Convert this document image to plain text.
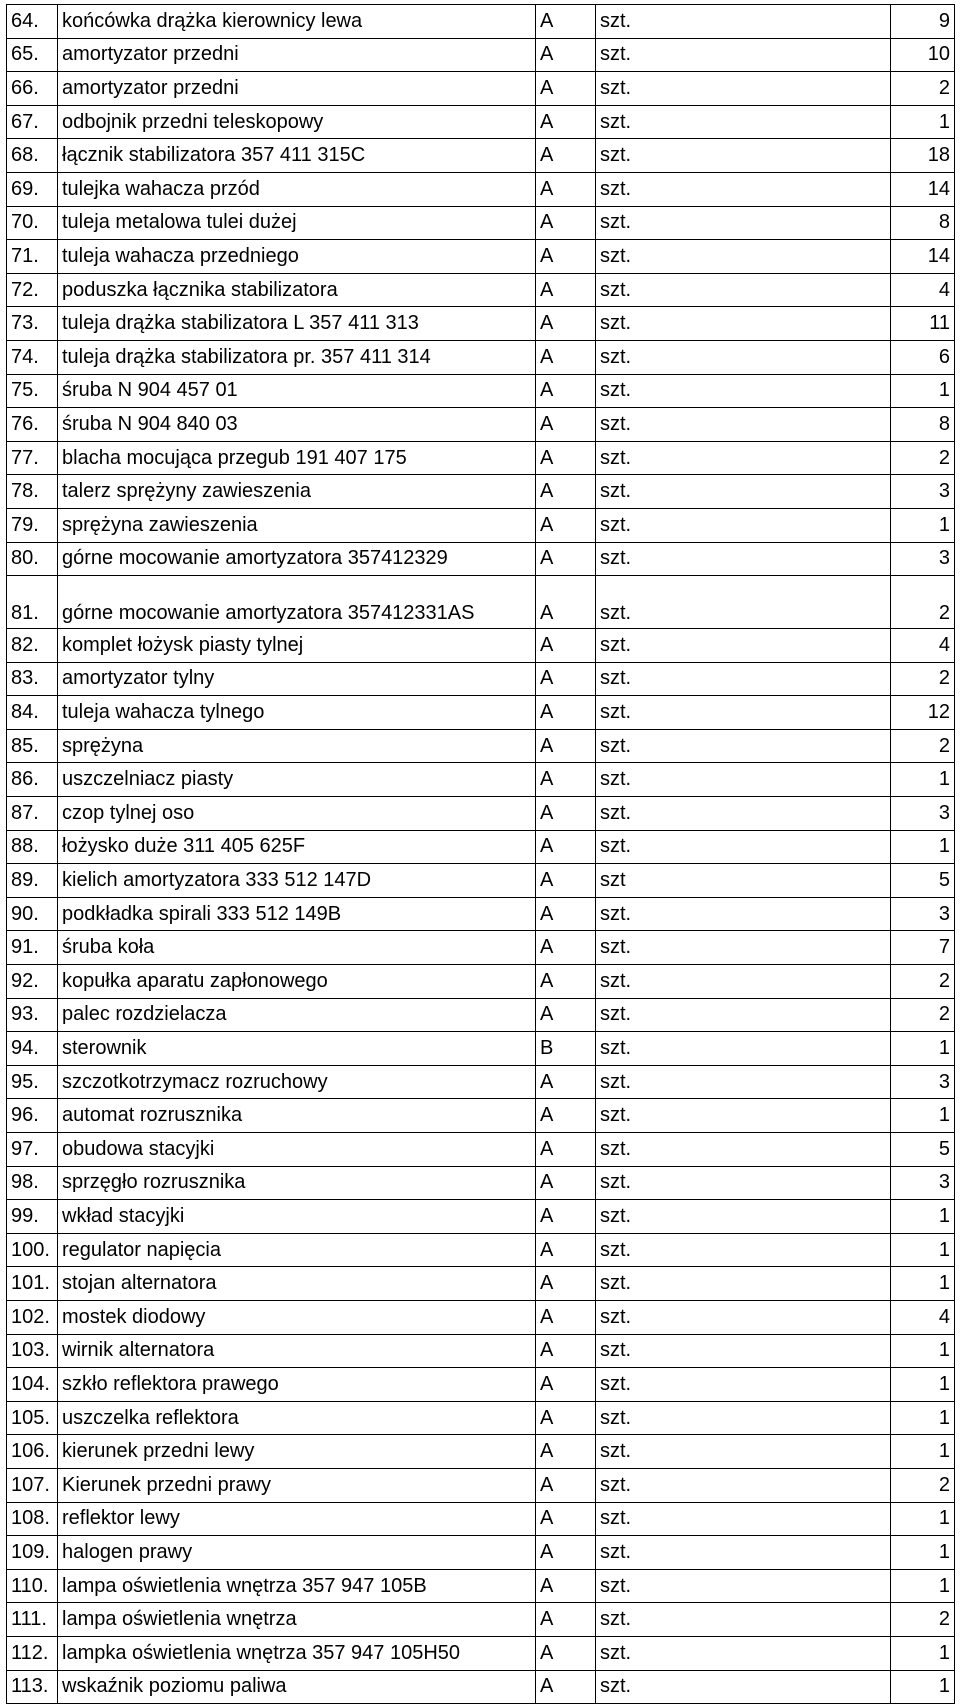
64.	końcówka drążka kierownicy lewa	A	szt.	9
65.	amortyzator przedni	A	szt.	10
66.	amortyzator przedni	A	szt.	2
67.	odbojnik przedni teleskopowy	A	szt.	1
68.	łącznik stabilizatora 357 411 315C	A	szt.	18
69.	tulejka wahacza przód	A	szt.	14
70.	tuleja metalowa tulei dużej	A	szt.	8
71.	tuleja wahacza przedniego	A	szt.	14
72.	poduszka łącznika stabilizatora	A	szt.	4
73.	tuleja drążka stabilizatora L 357 411 313	A	szt.	11
74.	tuleja drążka stabilizatora pr. 357 411 314	A	szt.	6
75.	śruba N 904 457 01	A	szt.	1
76.	śruba N 904 840 03	A	szt.	8
77.	blacha mocująca przegub 191 407 175	A	szt.	2
78.	talerz sprężyny zawieszenia	A	szt.	3
79.	sprężyna zawieszenia	A	szt.	1
80.	górne mocowanie amortyzatora 357412329	A	szt.	3
81.	górne mocowanie amortyzatora 357412331AS	A	szt.	2
82.	komplet łożysk piasty tylnej	A	szt.	4
83.	amortyzator tylny	A	szt.	2
84.	tuleja wahacza tylnego	A	szt.	12
85.	sprężyna	A	szt.	2
86.	uszczelniacz piasty	A	szt.	1
87.	czop tylnej oso	A	szt.	3
88.	łożysko duże 311 405 625F	A	szt.	1
89.	kielich amortyzatora 333 512 147D	A	szt	5
90.	podkładka spirali 333 512 149B	A	szt.	3
91.	śruba koła	A	szt.	7
92.	kopułka aparatu zapłonowego	A	szt.	2
93.	palec rozdzielacza	A	szt.	2
94.	sterownik	B	szt.	1
95.	szczotkotrzymacz rozruchowy	A	szt.	3
96.	automat rozrusznika	A	szt.	1
97.	obudowa stacyjki	A	szt.	5
98.	sprzęgło rozrusznika	A	szt.	3
99.	wkład stacyjki	A	szt.	1
100.	regulator napięcia	A	szt.	1
101.	stojan alternatora	A	szt.	1
102.	mostek diodowy	A	szt.	4
103.	wirnik alternatora	A	szt.	1
104.	szkło reflektora prawego	A	szt.	1
105.	uszczelka reflektora	A	szt.	1
106.	kierunek przedni lewy	A	szt.	1
107.	Kierunek przedni prawy	A	szt.	2
108.	reflektor lewy	A	szt.	1
109.	halogen prawy	A	szt.	1
110.	lampa oświetlenia wnętrza 357 947 105B	A	szt.	1
111.	lampa oświetlenia wnętrza	A	szt.	2
112.	lampka oświetlenia wnętrza 357 947 105H50	A	szt.	1
113.	wskaźnik poziomu paliwa	A	szt.	1
